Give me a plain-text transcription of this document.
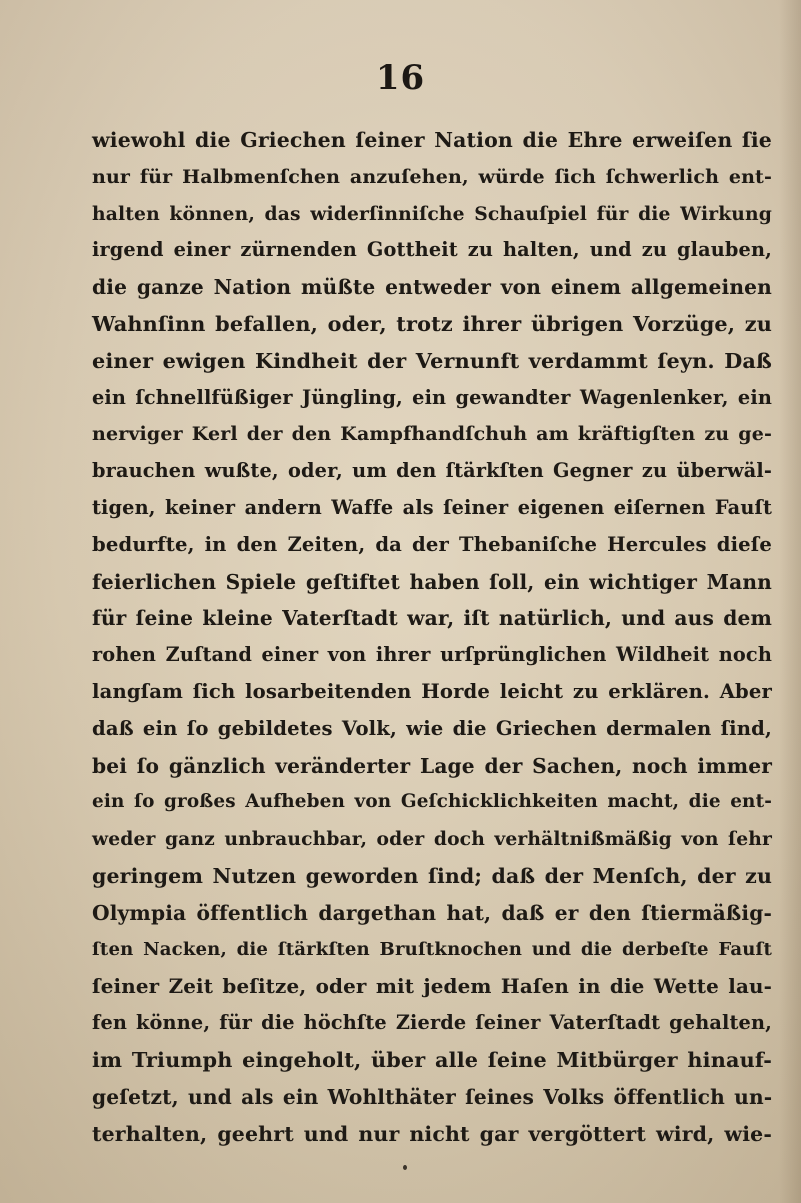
16
wiewohl die Griechen ſeiner Nation die Ehre erweiſen ſie
nur für Halbmenſchen anzuſehen, würde ſich ſchwerlich ent-
halten können, das widerſinniſche Schauſpiel für die Wirkung
irgend einer zürnenden Gottheit zu halten, und zu glauben,
die ganze Nation müßte entweder von einem allgemeinen
Wahnſinn befallen, oder, trotz ihrer übrigen Vorzüge, zu
einer ewigen Kindheit der Vernunft verdammt ſeyn. Daß
ein ſchnellfüßiger Jüngling, ein gewandter Wagenlenker, ein
nerviger Kerl der den Kampfhandſchuh am kräftigſten zu ge-
brauchen wußte, oder, um den ſtärkſten Gegner zu überwäl-
tigen, keiner andern Waffe als ſeiner eigenen eiſernen Fauſt
bedurfte, in den Zeiten, da der Thebaniſche Hercules dieſe
feierlichen Spiele geſtiftet haben ſoll, ein wichtiger Mann
für ſeine kleine Vaterſtadt war, iſt natürlich, und aus dem
rohen Zuſtand einer von ihrer urſprünglichen Wildheit noch
langſam ſich losarbeitenden Horde leicht zu erklären. Aber
daß ein ſo gebildetes Volk, wie die Griechen dermalen ſind,
bei ſo gänzlich veränderter Lage der Sachen, noch immer
ein ſo großes Aufheben von Geſchicklichkeiten macht, die ent-
weder ganz unbrauchbar, oder doch verhältnißmäßig von ſehr
geringem Nutzen geworden ſind; daß der Menſch, der zu
Olympia öffentlich dargethan hat, daß er den ſtiermäßig-
ſten Nacken, die ſtärkſten Bruſtknochen und die derbeſte Fauſt
ſeiner Zeit beſitze, oder mit jedem Haſen in die Wette lau-
fen könne, für die höchſte Zierde ſeiner Vaterſtadt gehalten,
im Triumph eingeholt, über alle ſeine Mitbürger hinauf-
geſetzt, und als ein Wohlthäter ſeines Volks öffentlich un-
terhalten, geehrt und nur nicht gar vergöttert wird, wie-
